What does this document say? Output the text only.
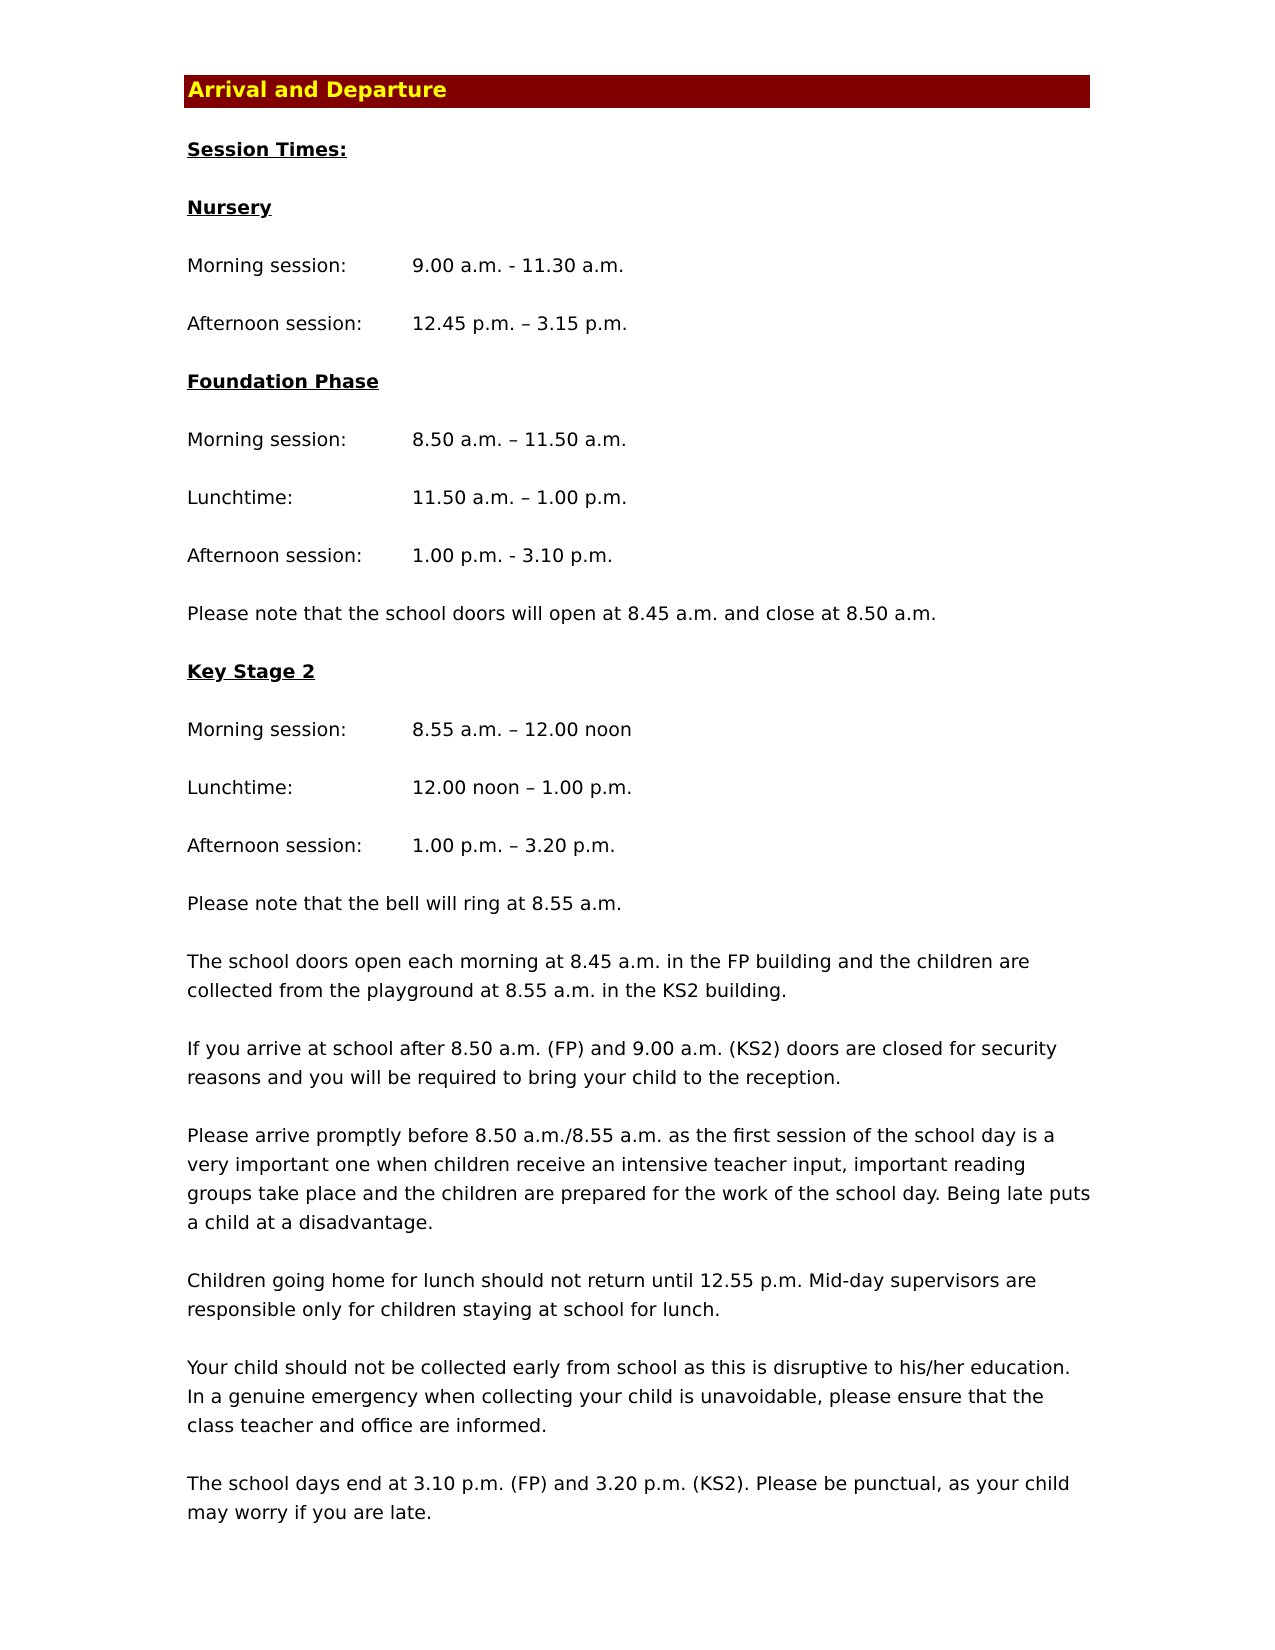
Arrival and Departure

Session Times:

Nursery

Morning session:	9.00 a.m. - 11.30 a.m.
Afternoon session:	12.45 p.m. – 3.15 p.m.

Foundation Phase

Morning session:	8.50 a.m. – 11.50 a.m.
Lunchtime:	11.50 a.m. – 1.00 p.m.
Afternoon session:	1.00 p.m. - 3.10 p.m.

Please note that the school doors will open at 8.45 a.m. and close at 8.50 a.m.

Key Stage 2

Morning session:	8.55 a.m. – 12.00 noon
Lunchtime:	12.00 noon – 1.00 p.m.
Afternoon session:	1.00 p.m. – 3.20 p.m.

Please note that the bell will ring at 8.55 a.m.

The school doors open each morning at 8.45 a.m. in the FP building and the children are collected from the playground at 8.55 a.m. in the KS2 building.

If you arrive at school after 8.50 a.m. (FP) and 9.00 a.m. (KS2) doors are closed for security reasons and you will be required to bring your child to the reception.

Please arrive promptly before 8.50 a.m./8.55 a.m. as the first session of the school day is a very important one when children receive an intensive teacher input, important reading groups take place and the children are prepared for the work of the school day. Being late puts a child at a disadvantage.

Children going home for lunch should not return until 12.55 p.m. Mid-day supervisors are responsible only for children staying at school for lunch.

Your child should not be collected early from school as this is disruptive to his/her education. In a genuine emergency when collecting your child is unavoidable, please ensure that the class teacher and office are informed.

The school days end at 3.10 p.m. (FP) and 3.20 p.m. (KS2). Please be punctual, as your child may worry if you are late.
